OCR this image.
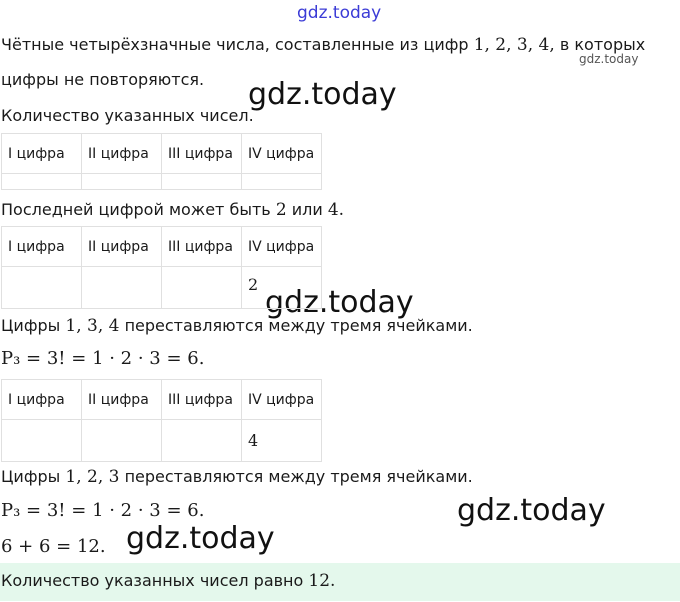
gdz.today
gdz.today
gdz.today
gdz.today
gdz.today
gdz.today
Чётные четырёхзначные числа, составленные из цифр 1, 2, 3, 4, в которых
цифры не повторяются.
Количество указанных чисел.
I цифра	II цифра	III цифра	IV цифра

Последней цифрой может быть 2 или 4.
I цифра	II цифра	III цифра	IV цифра
			2
Цифры 1, 3, 4 переставляются между тремя ячейками.
P₃ = 3! = 1 · 2 · 3 = 6.
I цифра	II цифра	III цифра	IV цифра
			4
Цифры 1, 2, 3 переставляются между тремя ячейками.
P₃ = 3! = 1 · 2 · 3 = 6.
6 + 6 = 12.
Количество указанных чисел равно 12.
